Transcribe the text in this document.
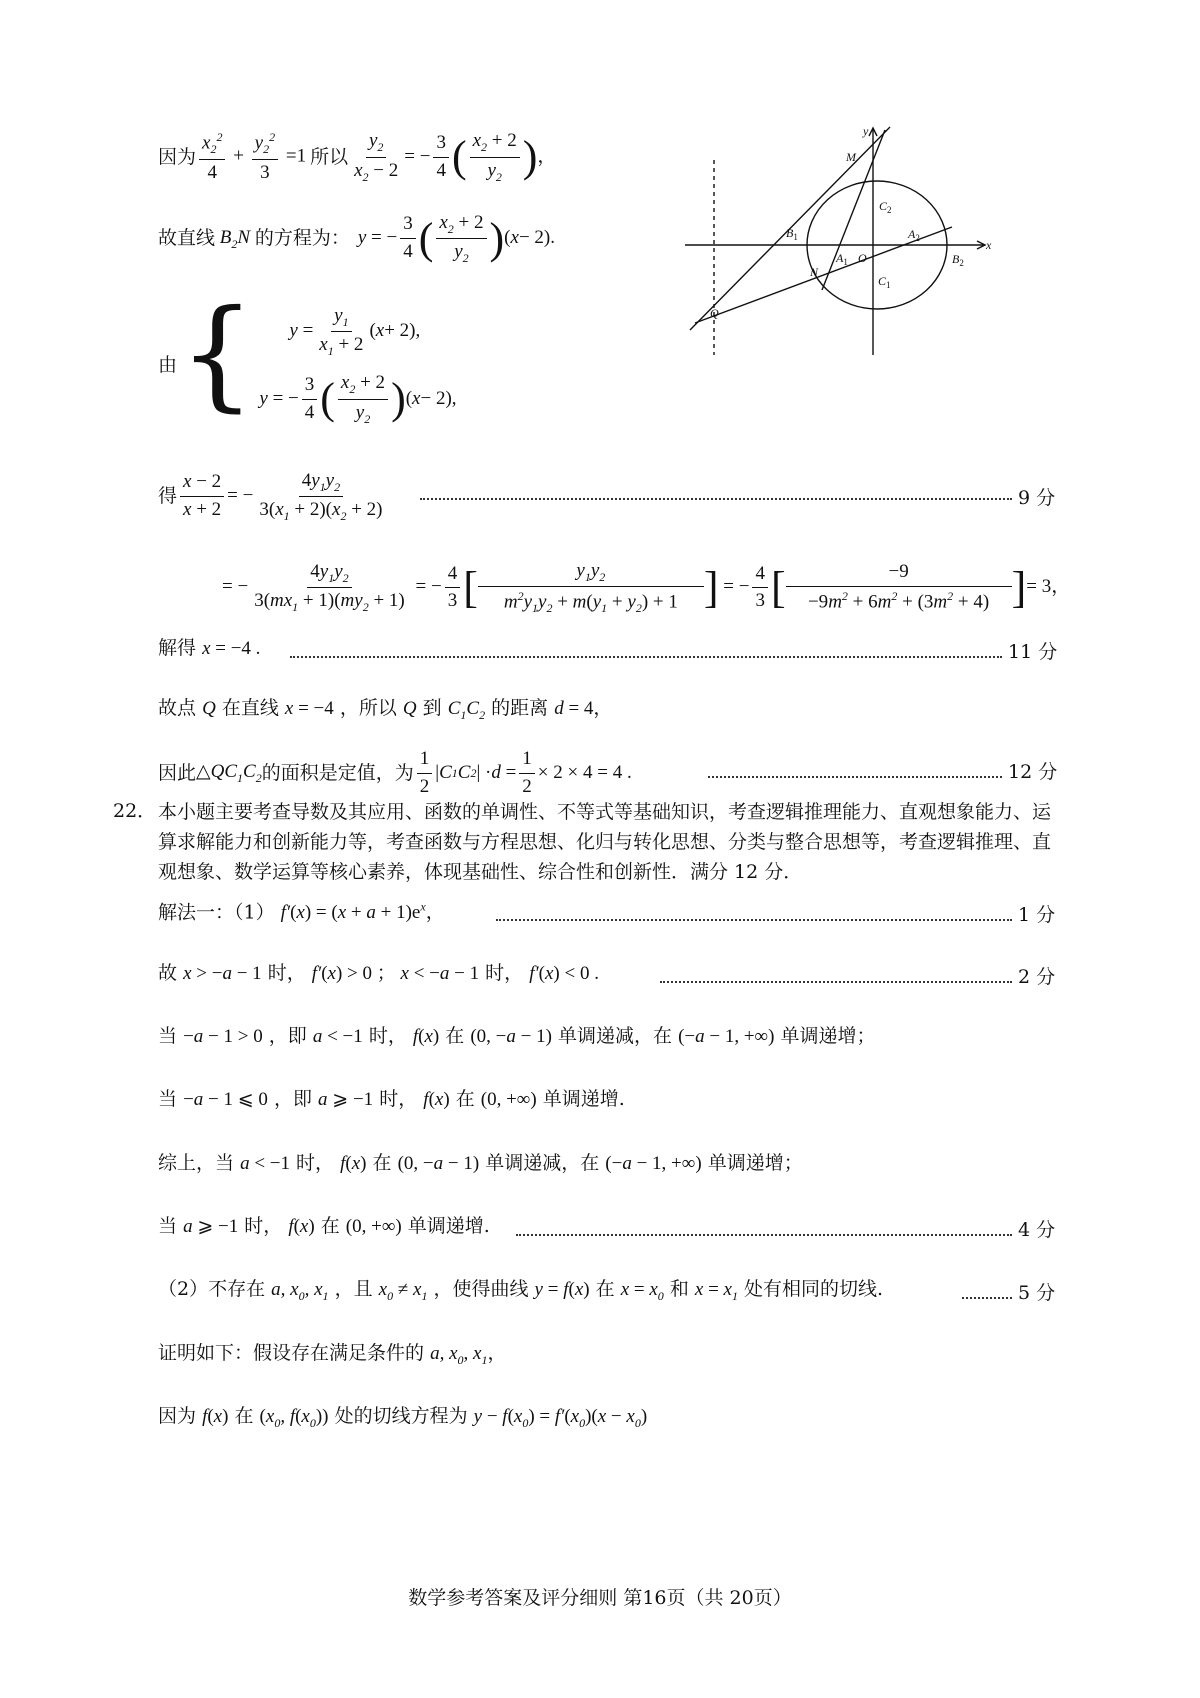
因为 $\frac{x_2^2}{4} + \frac{y_2^2}{3} =1$ 所以 $\frac{y_2}{x_2 - 2}$ = − $\frac{3}{4}$ ( $\frac{x_2 + 2}{y_2}$ ) ，
故直线 $B_2N$ 的方程为： y = − $\frac{3}{4}$ ( $\frac{x_2 + 2}{y_2}$ ) ( x − 2).
由 { $y = \frac{y_1}{x_1 + 2}$ ( x + 2),
y = − $\frac{3}{4}$ ( $\frac{x_2 + 2}{y_2}$ ) ( x − 2),
得 $\frac{x - 2}{x + 2}$ = − $\frac{4y_1y_2}{3(x_1 + 2)(x_2 + 2)}$	9 分
= − $\frac{4y_1y_2}{3(mx_1 + 1)(my_2 + 1)}$ = − $\frac{4}{3}$ [ $\frac{y_1y_2}{m^2y_1y_2 + m(y_1 + y_2) + 1}$ ] = − $\frac{4}{3}$ [ $\frac{-9}{-9m^2 + 6m^2 + (3m^2 + 4)}$ ] = 3，
解得 x = −4 .	11 分
故点 Q 在直线 x = −4 ，所以 Q 到 $C_1C_2$ 的距离 d = 4，
因此 $\triangle QC_1C_2$ 的面积是定值，为 $\frac{1}{2}$ | C 1 C 2 | · $d = \frac{1}{2} \times 2 \times 4 = 4$ .	12 分
22． 本小题主要考查导数及其应用、函数的单调性、不等式等基础知识，考查逻辑推理能力、直观想象能力、运算求解能力和创新能力等，考查函数与方程思想、化归与转化思想、分类与整合思想等，考查逻辑推理、直观想象、数学运算等核心素养，体现基础性、综合性和创新性．满分 12 分．
解法一：（1） $f'(x) = (x + a + 1)e^x$，	1 分
故 x > −a − 1 时， f′(x) > 0 ； x < −a − 1 时， f′(x) < 0 .	2 分
当 −a − 1 > 0 ，即 a < −1 时， f(x) 在 (0, −a − 1) 单调递减，在 (−a − 1, +∞) 单调递增；
当 −a − 1 ⩽ 0 ，即 a ⩾ −1 时， f(x) 在 (0, +∞) 单调递增.
综上，当 a < −1 时， f(x) 在 (0, −a − 1) 单调递减，在 (−a − 1, +∞) 单调递增；
当 a ⩾ −1 时， f(x) 在 (0, +∞) 单调递增.	4 分
（2）不存在 a, $x_0$, $x_1$ ，且 $x_0 \ne x_1$ ，使得曲线 y = f(x) 在 $x = x_0$ 和 $x = x_1$ 处有相同的切线.	5 分
证明如下：假设存在满足条件的 a, $x_0$, $x_1$，
因为 f(x) 在 ($x_0$, $f(x_0)$) 处的切线方程为 $y - f(x_0) = f'(x_0)(x - x_0)$
y
x
M
N
Q
O
$B_1$
$B_2$
$A_1$
$A_2$
$C_1$
$C_2$
数学参考答案及评分细则 第16页（共 20页）
